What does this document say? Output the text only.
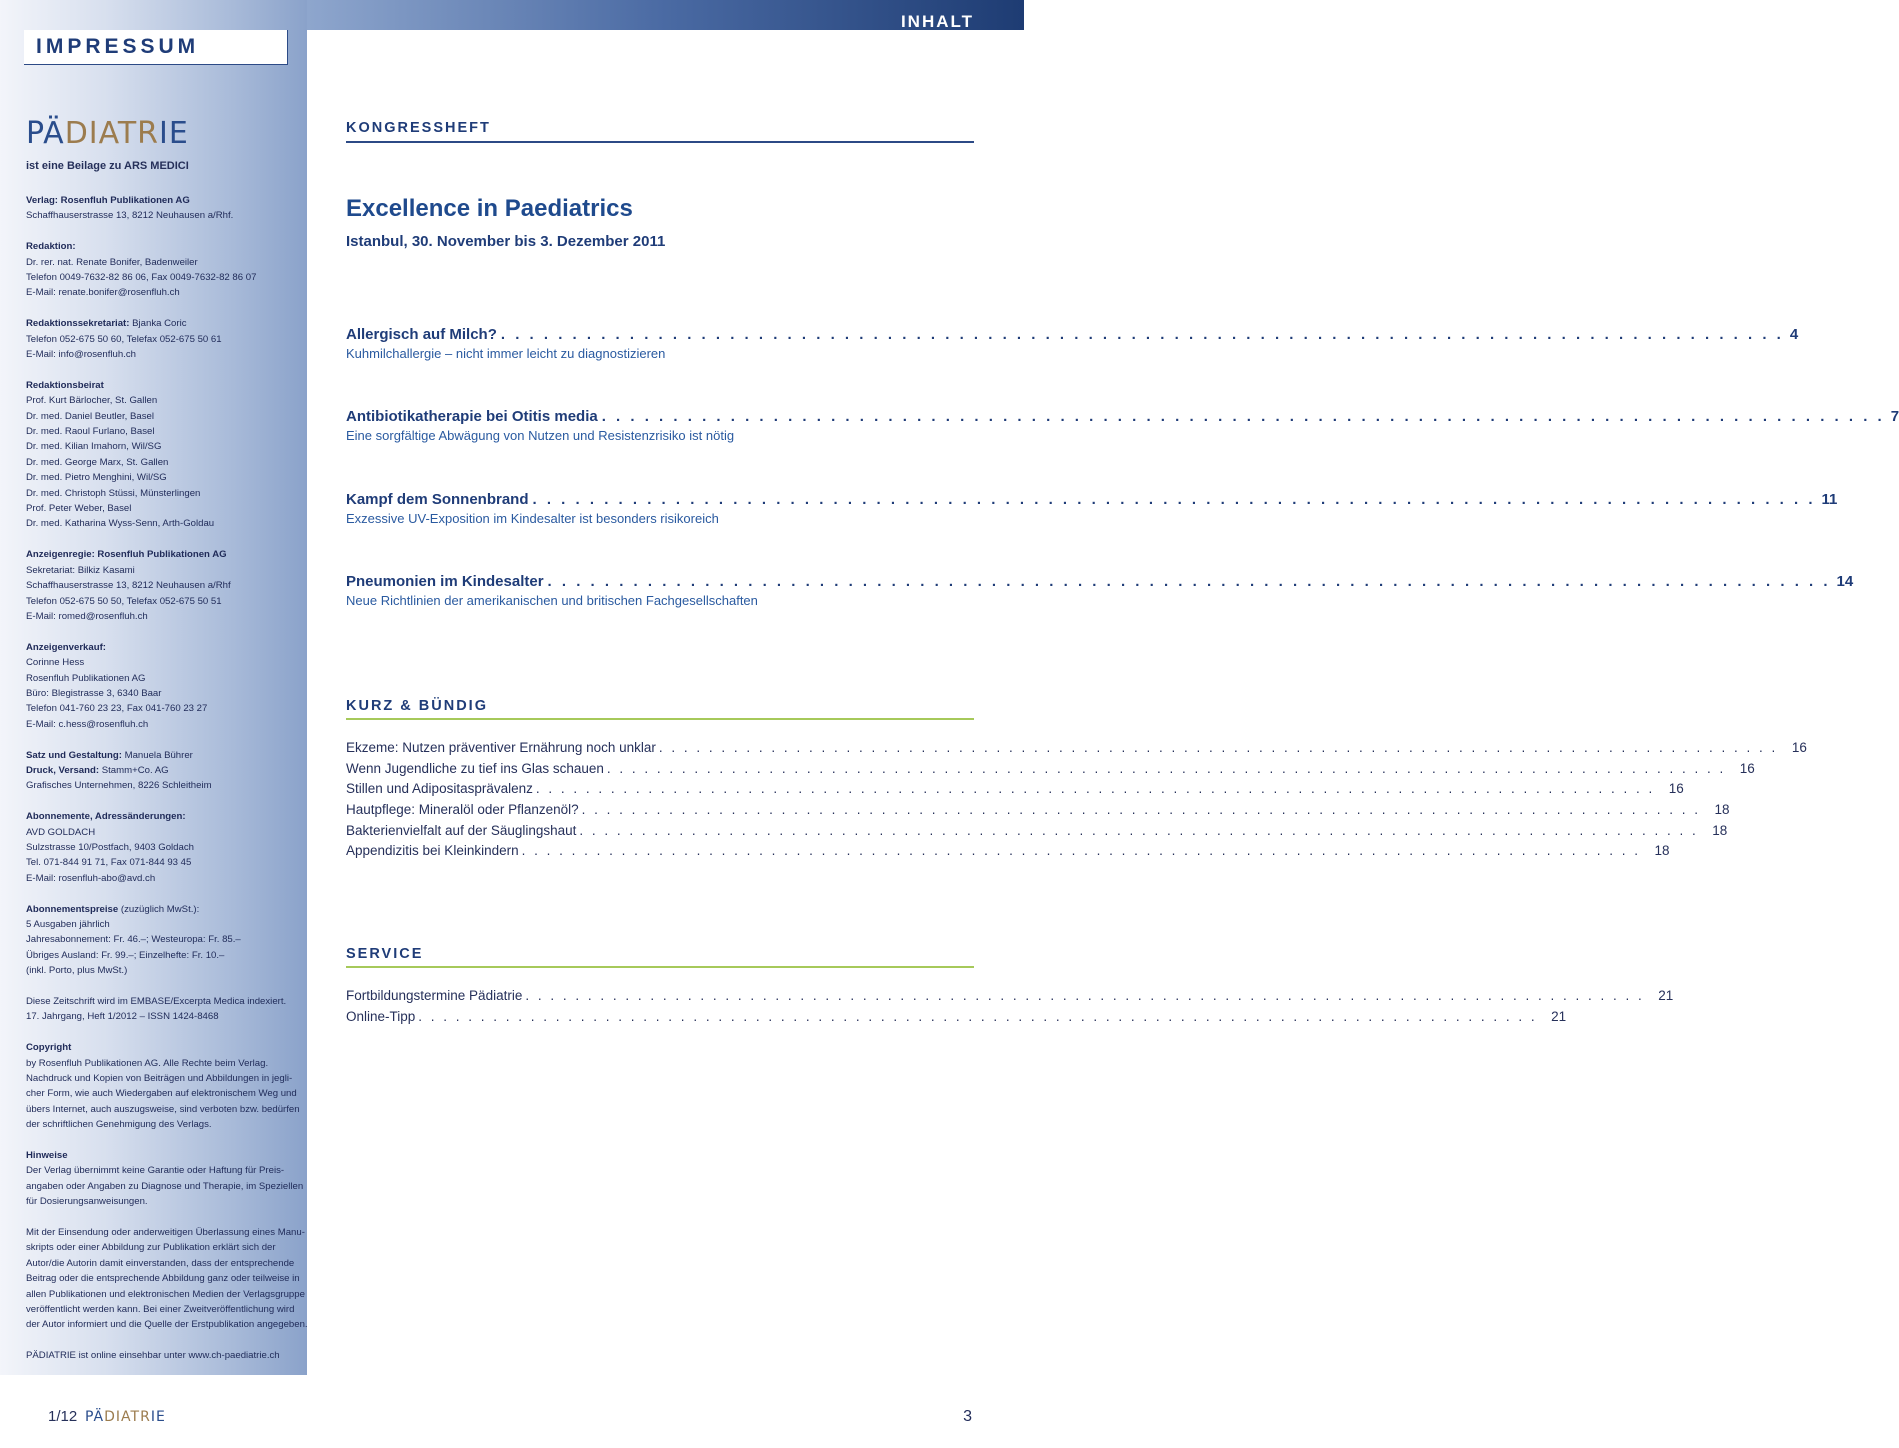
IMPRESSUM
PÄDIATRIE
ist eine Beilage zu ARS MEDICI
Verlag: Rosenfluh Publikationen AG
Schaffhauserstrasse 13, 8212 Neuhausen a/Rhf.
Redaktion:
Dr. rer. nat. Renate Bonifer, Badenweiler
Telefon 0049-7632-82 86 06, Fax 0049-7632-82 86 07
E-Mail: renate.bonifer@rosenfluh.ch
Redaktionssekretariat: Bjanka Coric
Telefon 052-675 50 60, Telefax 052-675 50 61
E-Mail: info@rosenfluh.ch
Redaktionsbeirat
Prof. Kurt Bärlocher, St. Gallen
Dr. med. Daniel Beutler, Basel
Dr. med. Raoul Furlano, Basel
Dr. med. Kilian Imahorn, Wil/SG
Dr. med. George Marx, St. Gallen
Dr. med. Pietro Menghini, Wil/SG
Dr. med. Christoph Stüssi, Münsterlingen
Prof. Peter Weber, Basel
Dr. med. Katharina Wyss-Senn, Arth-Goldau
Anzeigenregie: Rosenfluh Publikationen AG
Sekretariat: Bilkiz Kasami
Schaffhauserstrasse 13, 8212 Neuhausen a/Rhf
Telefon 052-675 50 50, Telefax 052-675 50 51
E-Mail: romed@rosenfluh.ch
Anzeigenverkauf:
Corinne Hess
Rosenfluh Publikationen AG
Büro: Blegistrasse 3, 6340 Baar
Telefon 041-760 23 23, Fax 041-760 23 27
E-Mail: c.hess@rosenfluh.ch
Satz und Gestaltung: Manuela Bührer
Druck, Versand: Stamm+Co. AG
Grafisches Unternehmen, 8226 Schleitheim
Abonnemente, Adressänderungen:
AVD GOLDACH
Sulzstrasse 10/Postfach, 9403 Goldach
Tel. 071-844 91 71, Fax 071-844 93 45
E-Mail: rosenfluh-abo@avd.ch
Abonnementspreise (zuzüglich MwSt.):
5 Ausgaben jährlich
Jahresabonnement: Fr. 46.–; Westeuropa: Fr. 85.–
Übriges Ausland: Fr. 99.–; Einzelhefte: Fr. 10.–
(inkl. Porto, plus MwSt.)
Diese Zeitschrift wird im EMBASE/Excerpta Medica indexiert.
17. Jahrgang, Heft 1/2012 – ISSN 1424-8468
Copyright
by Rosenfluh Publikationen AG. Alle Rechte beim Verlag.
Nachdruck und Kopien von Beiträgen und Abbildungen in jegli-
cher Form, wie auch Wiedergaben auf elektronischem Weg und
übers Internet, auch auszugsweise, sind verboten bzw. bedürfen
der schriftlichen Genehmigung des Verlags.
Hinweise
Der Verlag übernimmt keine Garantie oder Haftung für Preis-
angaben oder Angaben zu Diagnose und Therapie, im Speziellen
für Dosierungsanweisungen.
Mit der Einsendung oder anderweitigen Überlassung eines Manu-
skripts oder einer Abbildung zur Publikation erklärt sich der
Autor/die Autorin damit einverstanden, dass der entsprechende
Beitrag oder die entsprechende Abbildung ganz oder teilweise in
allen Publikationen und elektronischen Medien der Verlagsgruppe
veröffentlicht werden kann. Bei einer Zweitveröffentlichung wird
der Autor informiert und die Quelle der Erstpublikation angegeben.
PÄDIATRIE ist online einsehbar unter www.ch-paediatrie.ch
INHALT
KONGRESSHEFT
Excellence in Paediatrics
Istanbul, 30. November bis 3. Dezember 2011
Allergisch auf Milch? . . . . . . . . . . . . . . . . . . . . . . . . . . . . . . . . . . . . . . . . . . . . . . . . . . . . . . . . . . . . . . . . . . . . . . . . . . . . . . . . . . . . . . . . . . 4
Kuhmilchallergie – nicht immer leicht zu diagnostizieren
Antibiotikatherapie bei Otitis media . . . . . . . . . . . . . . . . . . . . . . . . . . . . . . . . . . . . . . . . . . . . . . . . . . . . . . . . . . . . . . . . . . . . . . . . . . . . . . . . . . . . . . . . . . 7
Eine sorgfältige Abwägung von Nutzen und Resistenzrisiko ist nötig
Kampf dem Sonnenbrand . . . . . . . . . . . . . . . . . . . . . . . . . . . . . . . . . . . . . . . . . . . . . . . . . . . . . . . . . . . . . . . . . . . . . . . . . . . . . . . . . . . . . . . . . . 11
Exzessive UV-Exposition im Kindesalter ist besonders risikoreich
Pneumonien im Kindesalter . . . . . . . . . . . . . . . . . . . . . . . . . . . . . . . . . . . . . . . . . . . . . . . . . . . . . . . . . . . . . . . . . . . . . . . . . . . . . . . . . . . . . . . . . . 14
Neue Richtlinien der amerikanischen und britischen Fachgesellschaften
KURZ & BÜNDIG
Ekzeme: Nutzen präventiver Ernährung noch unklar . . . . . . . . . . . . . . . . . . . . . . . . . . . . . . . . . . . . . . . . . . . . . . . . . . . . . . . . . . . . . . . . . . . . . . . . . . . . . . . . . . . . . . . . . . 16
Wenn Jugendliche zu tief ins Glas schauen . . . . . . . . . . . . . . . . . . . . . . . . . . . . . . . . . . . . . . . . . . . . . . . . . . . . . . . . . . . . . . . . . . . . . . . . . . . . . . . . . . . . . . . . . . 16
Stillen und Adipositasprävalenz . . . . . . . . . . . . . . . . . . . . . . . . . . . . . . . . . . . . . . . . . . . . . . . . . . . . . . . . . . . . . . . . . . . . . . . . . . . . . . . . . . . . . . . . . . 16
Hautpflege: Mineralöl oder Pflanzenöl? . . . . . . . . . . . . . . . . . . . . . . . . . . . . . . . . . . . . . . . . . . . . . . . . . . . . . . . . . . . . . . . . . . . . . . . . . . . . . . . . . . . . . . . . . . 18
Bakterienvielfalt auf der Säuglingshaut . . . . . . . . . . . . . . . . . . . . . . . . . . . . . . . . . . . . . . . . . . . . . . . . . . . . . . . . . . . . . . . . . . . . . . . . . . . . . . . . . . . . . . . . . . 18
Appendizitis bei Kleinkindern . . . . . . . . . . . . . . . . . . . . . . . . . . . . . . . . . . . . . . . . . . . . . . . . . . . . . . . . . . . . . . . . . . . . . . . . . . . . . . . . . . . . . . . . . . 18
SERVICE
Fortbildungstermine Pädiatrie . . . . . . . . . . . . . . . . . . . . . . . . . . . . . . . . . . . . . . . . . . . . . . . . . . . . . . . . . . . . . . . . . . . . . . . . . . . . . . . . . . . . . . . . . . 21
Online-Tipp . . . . . . . . . . . . . . . . . . . . . . . . . . . . . . . . . . . . . . . . . . . . . . . . . . . . . . . . . . . . . . . . . . . . . . . . . . . . . . . . . . . . . . . . . . 21
1/12 PÄDIATRIE	3
